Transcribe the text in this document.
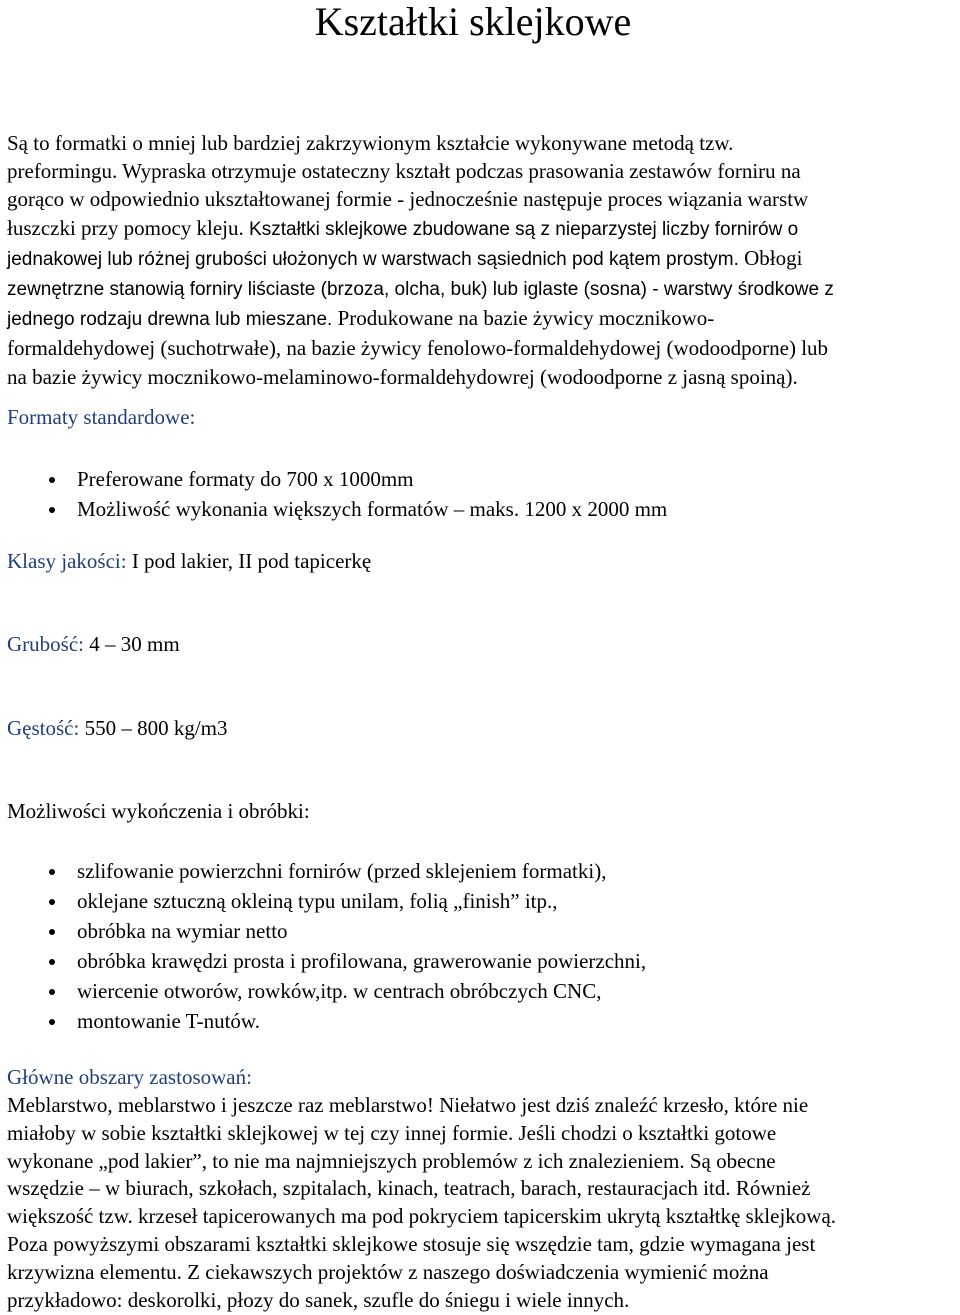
Kształtki sklejkowe
Są to formatki o mniej lub bardziej zakrzywionym kształcie wykonywane metodą tzw.
preformingu. Wypraska otrzymuje ostateczny kształt podczas prasowania zestawów forniru na
gorąco w odpowiednio ukształtowanej formie - jednocześnie następuje proces wiązania warstw
łuszczki przy pomocy kleju. Kształtki sklejkowe zbudowane są z nieparzystej liczby fornirów o
jednakowej lub różnej grubości ułożonych w warstwach sąsiednich pod kątem prostym. Obłogi
zewnętrzne stanowią forniry liściaste (brzoza, olcha, buk) lub iglaste (sosna) - warstwy środkowe z
jednego rodzaju drewna lub mieszane. Produkowane na bazie żywicy mocznikowo-
formaldehydowej (suchotrwałe), na bazie żywicy fenolowo-formaldehydowej (wodoodporne) lub
na bazie żywicy mocznikowo-melaminowo-formaldehydowrej (wodoodporne z jasną spoiną).
Formaty standardowe:
Preferowane formaty do 700 x 1000mm
Możliwość wykonania większych formatów – maks. 1200 x 2000 mm
Klasy jakości: I pod lakier, II pod tapicerkę
Grubość: 4 – 30 mm
Gęstość: 550 – 800 kg/m3
Możliwości wykończenia i obróbki:
szlifowanie powierzchni fornirów (przed sklejeniem formatki),
oklejane sztuczną okleiną typu unilam, folią „finish” itp.,
obróbka na wymiar netto
obróbka krawędzi prosta i profilowana, grawerowanie powierzchni,
wiercenie otworów, rowków,itp. w centrach obróbczych CNC,
montowanie T-nutów.
Główne obszary zastosowań:
Meblarstwo, meblarstwo i jeszcze raz meblarstwo! Niełatwo jest dziś znaleźć krzesło, które nie
miałoby w sobie kształtki sklejkowej w tej czy innej formie. Jeśli chodzi o kształtki gotowe
wykonane „pod lakier”, to nie ma najmniejszych problemów z ich znalezieniem. Są obecne
wszędzie – w biurach, szkołach, szpitalach, kinach, teatrach, barach, restauracjach itd. Również
większość tzw. krzeseł tapicerowanych ma pod pokryciem tapicerskim ukrytą kształtkę sklejkową.
Poza powyższymi obszarami kształtki sklejkowe stosuje się wszędzie tam, gdzie wymagana jest
krzywizna elementu. Z ciekawszych projektów z naszego doświadczenia wymienić można
przykładowo: deskorolki, płozy do sanek, szufle do śniegu i wiele innych.
